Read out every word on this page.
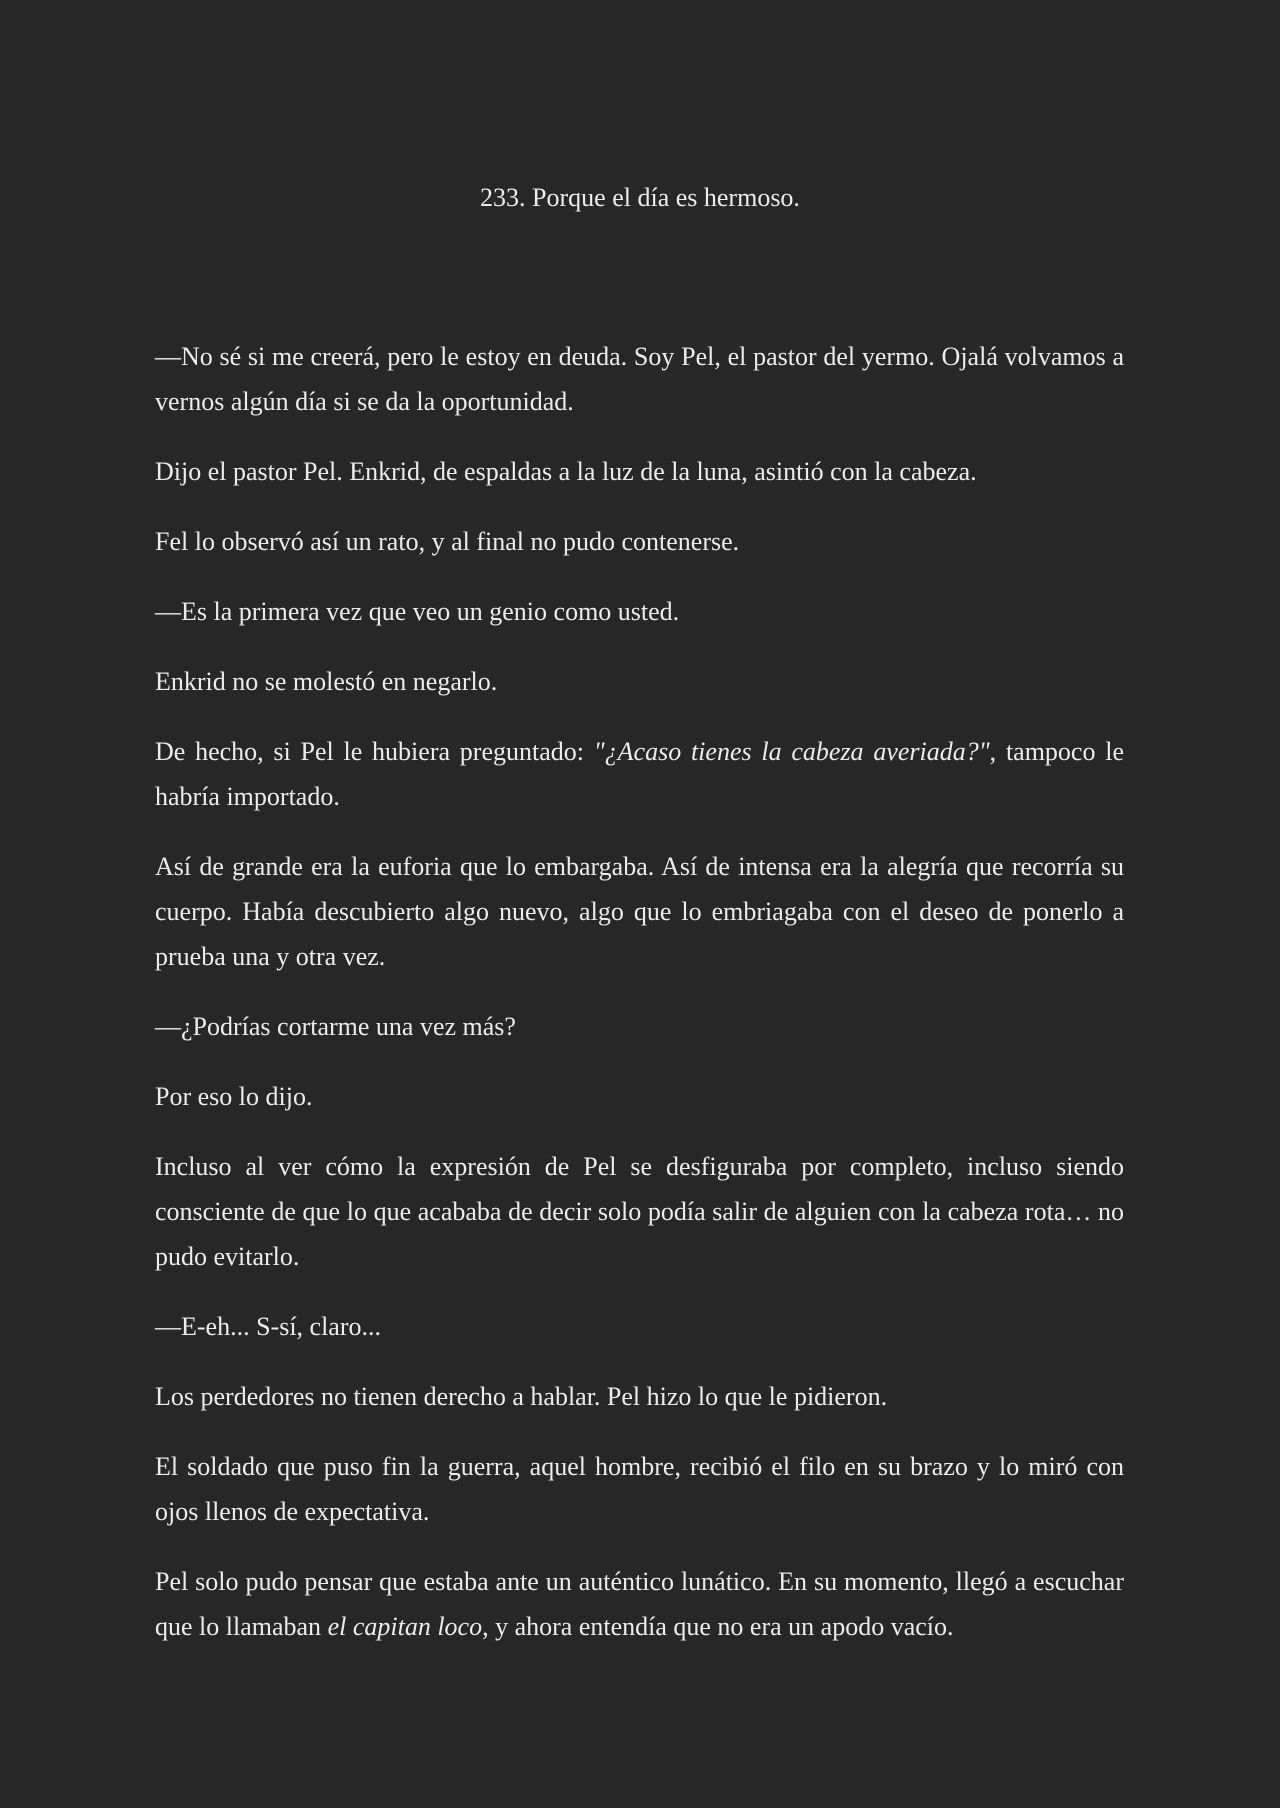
233. Porque el día es hermoso.

—No sé si me creerá, pero le estoy en deuda. Soy Pel, el pastor del yermo. Ojalá volvamos a vernos algún día si se da la oportunidad.

Dijo el pastor Pel. Enkrid, de espaldas a la luz de la luna, asintió con la cabeza.

Fel lo observó así un rato, y al final no pudo contenerse.

—Es la primera vez que veo un genio como usted.

Enkrid no se molestó en negarlo.

De hecho, si Pel le hubiera preguntado: "¿Acaso tienes la cabeza averiada?", tampoco le habría importado.

Así de grande era la euforia que lo embargaba. Así de intensa era la alegría que recorría su cuerpo. Había descubierto algo nuevo, algo que lo embriagaba con el deseo de ponerlo a prueba una y otra vez.

—¿Podrías cortarme una vez más?

Por eso lo dijo.

Incluso al ver cómo la expresión de Pel se desfiguraba por completo, incluso siendo consciente de que lo que acababa de decir solo podía salir de alguien con la cabeza rota… no pudo evitarlo.

—E-eh... S-sí, claro...

Los perdedores no tienen derecho a hablar. Pel hizo lo que le pidieron.

El soldado que puso fin la guerra, aquel hombre, recibió el filo en su brazo y lo miró con ojos llenos de expectativa.

Pel solo pudo pensar que estaba ante un auténtico lunático. En su momento, llegó a escuchar que lo llamaban el capitan loco, y ahora entendía que no era un apodo vacío.
